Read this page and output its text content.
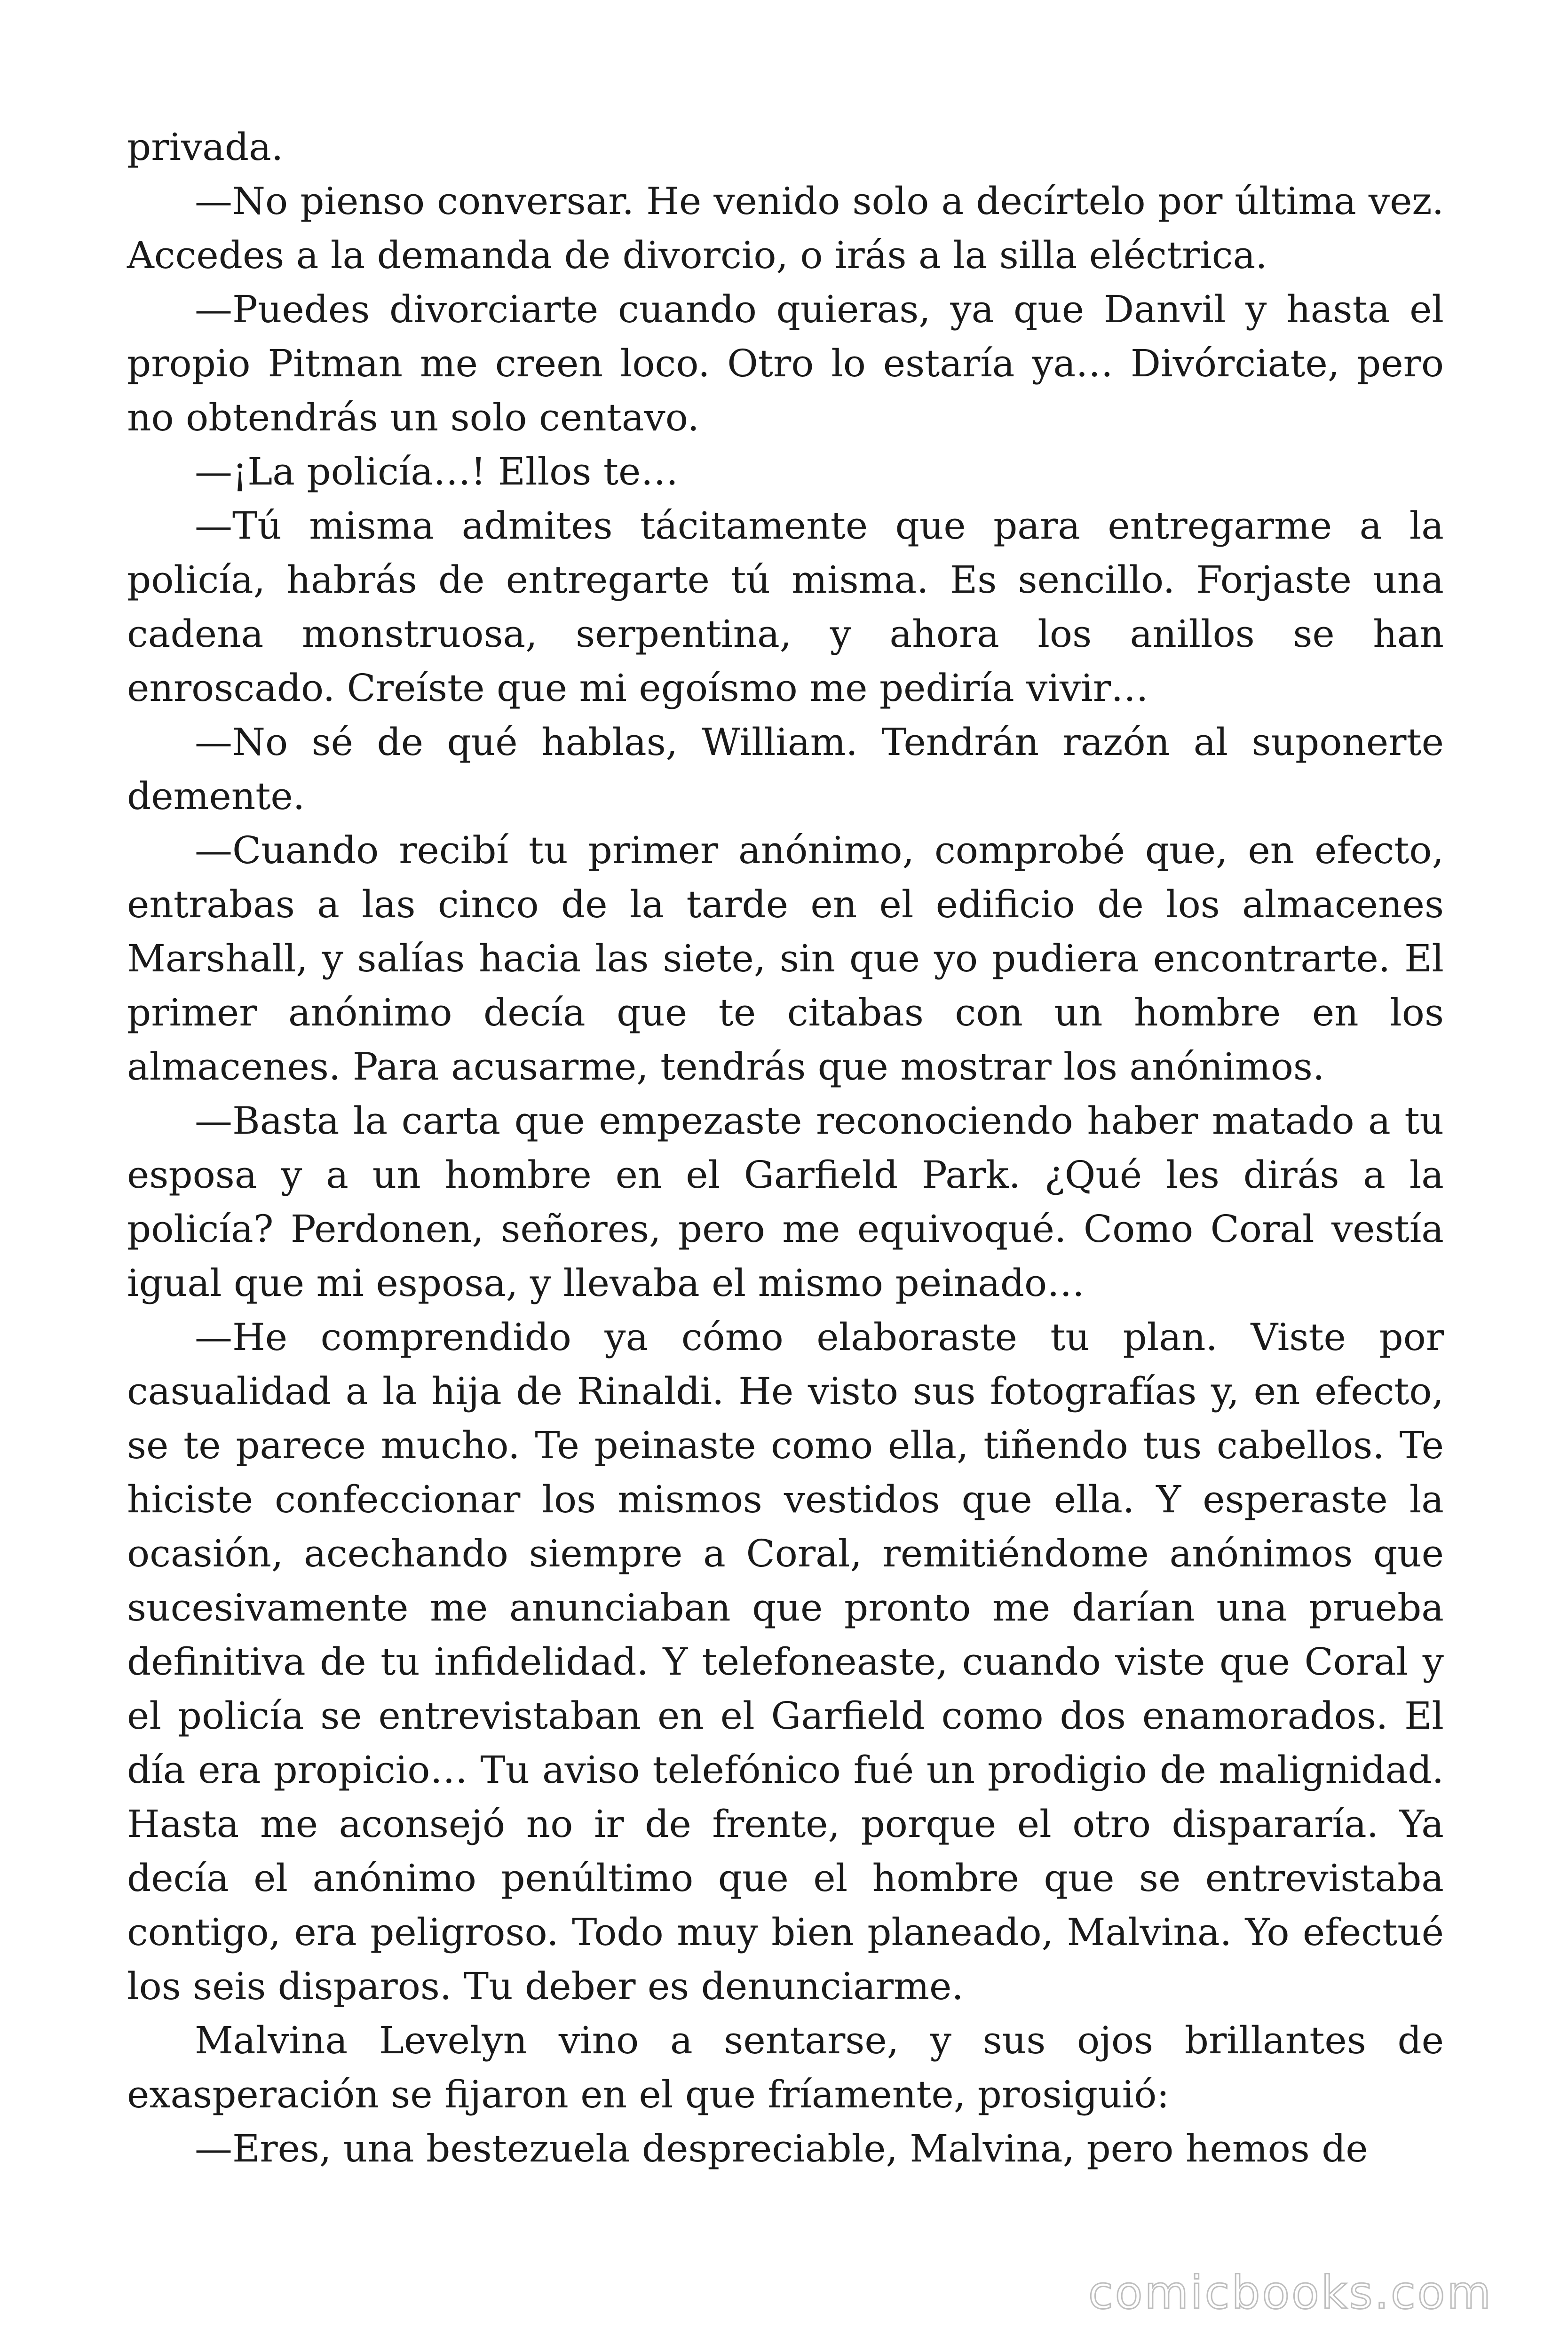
privada.

—No pienso conversar. He venido solo a decírtelo por última vez. Accedes a la demanda de divorcio, o irás a la silla eléctrica.

—Puedes divorciarte cuando quieras, ya que Danvil y hasta el propio Pitman me creen loco. Otro lo estaría ya… Divórciate, pero no obtendrás un solo centavo.

—¡La policía…! Ellos te…

—Tú misma admites tácitamente que para entregarme a la policía, habrás de entregarte tú misma. Es sencillo. Forjaste una cadena monstruosa, serpentina, y ahora los anillos se han enroscado. Creíste que mi egoísmo me pediría vivir…

—No sé de qué hablas, William. Tendrán razón al suponerte demente.

—Cuando recibí tu primer anónimo, comprobé que, en efecto, entrabas a las cinco de la tarde en el edificio de los almacenes Marshall, y salías hacia las siete, sin que yo pudiera encontrarte. El primer anónimo decía que te citabas con un hombre en los almacenes. Para acusarme, tendrás que mostrar los anónimos.

—Basta la carta que empezaste reconociendo haber matado a tu esposa y a un hombre en el Garfield Park. ¿Qué les dirás a la policía? Perdonen, señores, pero me equivoqué. Como Coral vestía igual que mi esposa, y llevaba el mismo peinado…

—He comprendido ya cómo elaboraste tu plan. Viste por casualidad a la hija de Rinaldi. He visto sus fotografías y, en efecto, se te parece mucho. Te peinaste como ella, tiñendo tus cabellos. Te hiciste confeccionar los mismos vestidos que ella. Y esperaste la ocasión, acechando siempre a Coral, remitiéndome anónimos que sucesivamente me anunciaban que pronto me darían una prueba definitiva de tu infidelidad. Y telefoneaste, cuando viste que Coral y el policía se entrevistaban en el Garfield como dos enamorados. El día era propicio… Tu aviso telefónico fué un prodigio de malignidad. Hasta me aconsejó no ir de frente, porque el otro dispararía. Ya decía el anónimo penúltimo que el hombre que se entrevistaba contigo, era peligroso. Todo muy bien planeado, Malvina. Yo efectué los seis disparos. Tu deber es denunciarme.

Malvina Levelyn vino a sentarse, y sus ojos brillantes de exasperación se fijaron en el que fríamente, prosiguió:

—Eres, una bestezuela despreciable, Malvina, pero hemos de

comicbooks.com
